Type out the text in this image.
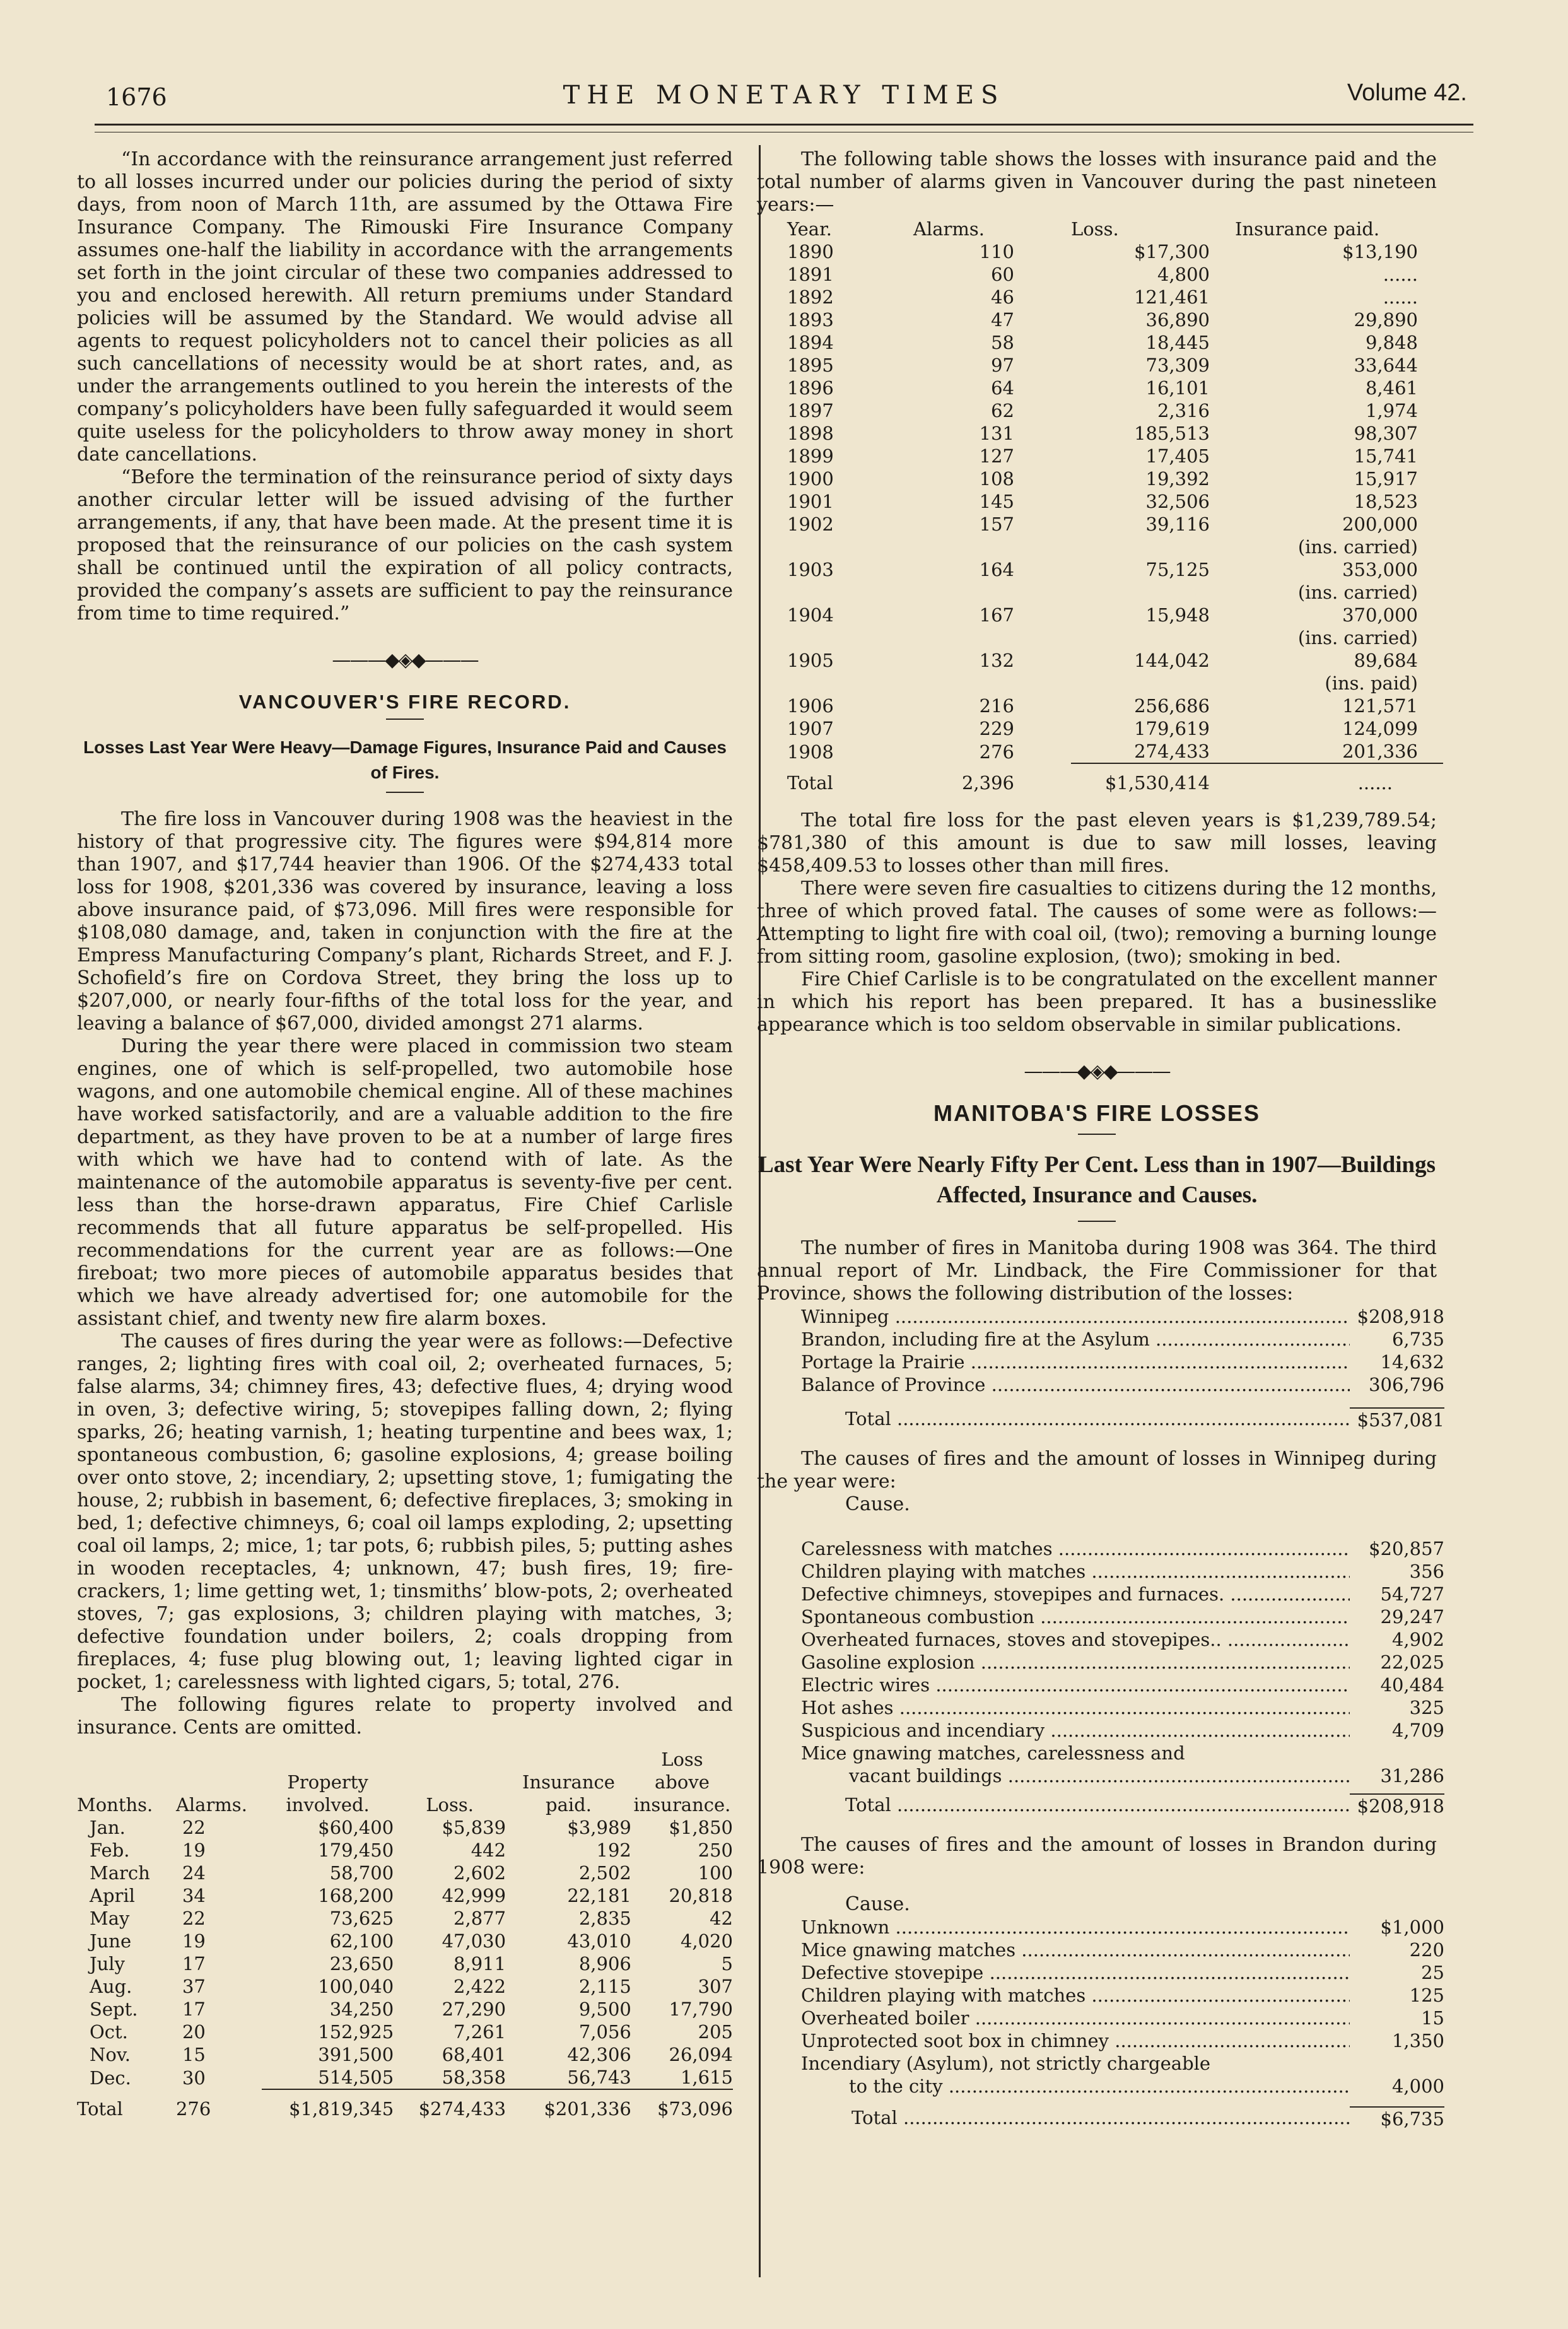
1676	THE MONETARY TIMES	Volume 42.

“In accordance with the reinsurance arrangement just referred to all losses incurred under our policies during the period of sixty days, from noon of March 11th, are assumed by the Ottawa Fire Insurance Company. The Rimouski Fire Insurance Company assumes one-half the liability in accordance with the arrangements set forth in the joint circular of these two companies addressed to you and enclosed herewith. All return premiums under Standard policies will be assumed by the Standard. We would advise all agents to request policyholders not to cancel their policies as all such cancellations of necessity would be at short rates, and, as under the arrangements outlined to you herein the interests of the company’s policyholders have been fully safeguarded it would seem quite useless for the policyholders to throw away money in short date cancellations.

“Before the termination of the reinsurance period of sixty days another circular letter will be issued advising of the further arrangements, if any, that have been made. At the present time it is proposed that the reinsurance of our policies on the cash system shall be continued until the expiration of all policy contracts, provided the company’s assets are sufficient to pay the reinsurance from time to time required.”

———◆◈◆———
VANCOUVER'S FIRE RECORD.
Losses Last Year Were Heavy—Damage Figures, Insurance Paid and Causes of Fires.

The fire loss in Vancouver during 1908 was the heaviest in the history of that progressive city. The figures were $94,814 more than 1907, and $17,744 heavier than 1906. Of the $274,433 total loss for 1908, $201,336 was covered by insurance, leaving a loss above insurance paid, of $73,096. Mill fires were responsible for $108,080 damage, and, taken in conjunction with the fire at the Empress Manufacturing Company’s plant, Richards Street, and F. J. Schofield’s fire on Cordova Street, they bring the loss up to $207,000, or nearly four-fifths of the total loss for the year, and leaving a balance of $67,000, divided amongst 271 alarms.

During the year there were placed in commission two steam engines, one of which is self-propelled, two automobile hose wagons, and one automobile chemical engine. All of these machines have worked satisfactorily, and are a valuable addition to the fire department, as they have proven to be at a number of large fires with which we have had to contend with of late. As the maintenance of the automobile apparatus is seventy-five per cent. less than the horse-drawn apparatus, Fire Chief Carlisle recommends that all future apparatus be self-propelled. His recommendations for the current year are as follows:—One fireboat; two more pieces of automobile apparatus besides that which we have already advertised for; one automobile for the assistant chief, and twenty new fire alarm boxes.

The causes of fires during the year were as follows:—Defective ranges, 2; lighting fires with coal oil, 2; overheated furnaces, 5; false alarms, 34; chimney fires, 43; defective flues, 4; drying wood in oven, 3; defective wiring, 5; stovepipes falling down, 2; flying sparks, 26; heating varnish, 1; heating turpentine and bees wax, 1; spontaneous combustion, 6; gasoline explosions, 4; grease boiling over onto stove, 2; incendiary, 2; upsetting stove, 1; fumigating the house, 2; rubbish in basement, 6; defective fireplaces, 3; smoking in bed, 1; defective chimneys, 6; coal oil lamps exploding, 2; upsetting coal oil lamps, 2; mice, 1; tar pots, 6; rubbish piles, 5; putting ashes in wooden receptacles, 4; unknown, 47; bush fires, 19; fire-crackers, 1; lime getting wet, 1; tinsmiths’ blow-pots, 2; overheated stoves, 7; gas explosions, 3; children playing with matches, 3; defective foundation under boilers, 2; coals dropping from fireplaces, 4; fuse plug blowing out, 1; leaving lighted cigar in pocket, 1; carelessness with lighted cigars, 5; total, 276.

The following figures relate to property involved and insurance. Cents are omitted.

Months.	Alarms.	Property involved.	Loss.	Insurance paid.	Loss above insurance.
Jan.	22	$60,400	$5,839	$3,989	$1,850
Feb.	19	179,450	442	192	250
March	24	58,700	2,602	2,502	100
April	34	168,200	42,999	22,181	20,818
May	22	73,625	2,877	2,835	42
June	19	62,100	47,030	43,010	4,020
July	17	23,650	8,911	8,906	5
Aug.	37	100,040	2,422	2,115	307
Sept.	17	34,250	27,290	9,500	17,790
Oct.	20	152,925	7,261	7,056	205
Nov.	15	391,500	68,401	42,306	26,094
Dec.	30	514,505	58,358	56,743	1,615
Total	276	$1,819,345	$274,433	$201,336	$73,096

The following table shows the losses with insurance paid and the total number of alarms given in Vancouver during the past nineteen years:—

Year.	Alarms.	Loss.	Insurance paid.
1890	110	$17,300	$13,190
1891	60	4,800	......
1892	46	121,461	......
1893	47	36,890	29,890
1894	58	18,445	9,848
1895	97	73,309	33,644
1896	64	16,101	8,461
1897	62	2,316	1,974
1898	131	185,513	98,307
1899	127	17,405	15,741
1900	108	19,392	15,917
1901	145	32,506	18,523
1902	157	39,116	200,000
			(ins. carried)
1903	164	75,125	353,000
			(ins. carried)
1904	167	15,948	370,000
			(ins. carried)
1905	132	144,042	89,684
			(ins. paid)
1906	216	256,686	121,571
1907	229	179,619	124,099
1908	276	274,433	201,336
Total	2,396	$1,530,414	......

The total fire loss for the past eleven years is $1,239,789.54; $781,380 of this amount is due to saw mill losses, leaving $458,409.53 to losses other than mill fires.

There were seven fire casualties to citizens during the 12 months, three of which proved fatal. The causes of some were as follows:—Attempting to light fire with coal oil, (two); removing a burning lounge from sitting room, gasoline explosion, (two); smoking in bed.

Fire Chief Carlisle is to be congratulated on the excellent manner in which his report has been prepared. It has a businesslike appearance which is too seldom observable in similar publications.

———◆◈◆———
MANITOBA'S FIRE LOSSES
Last Year Were Nearly Fifty Per Cent. Less than in 1907—Buildings Affected, Insurance and Causes.

The number of fires in Manitoba during 1908 was 364. The third annual report of Mr. Lindback, the Fire Commissioner for that Province, shows the following distribution of the losses:

Winnipeg .....	$208,918
Brandon, including fire at the Asylum .....	6,735
Portage la Prairie .....	14,632
Balance of Province .....	306,796
Total .....	$537,081

The causes of fires and the amount of losses in Winnipeg during the year were:

Cause.
Carelessness with matches .....	$20,857
Children playing with matches .....	356
Defective chimneys, stovepipes and furnaces. .....	54,727
Spontaneous combustion .....	29,247
Overheated furnaces, stoves and stovepipes.. .....	4,902
Gasoline explosion .....	22,025
Electric wires .....	40,484
Hot ashes .....	325
Suspicious and incendiary .....	4,709
Mice gnawing matches, carelessness and
vacant buildings .....	31,286
Total .....	$208,918

The causes of fires and the amount of losses in Brandon during 1908 were:

Cause.
Unknown .....	$1,000
Mice gnawing matches .....	220
Defective stovepipe .....	25
Children playing with matches .....	125
Overheated boiler .....	15
Unprotected soot box in chimney .....	1,350
Incendiary (Asylum), not strictly chargeable
to the city .....	4,000
Total .....	$6,735
